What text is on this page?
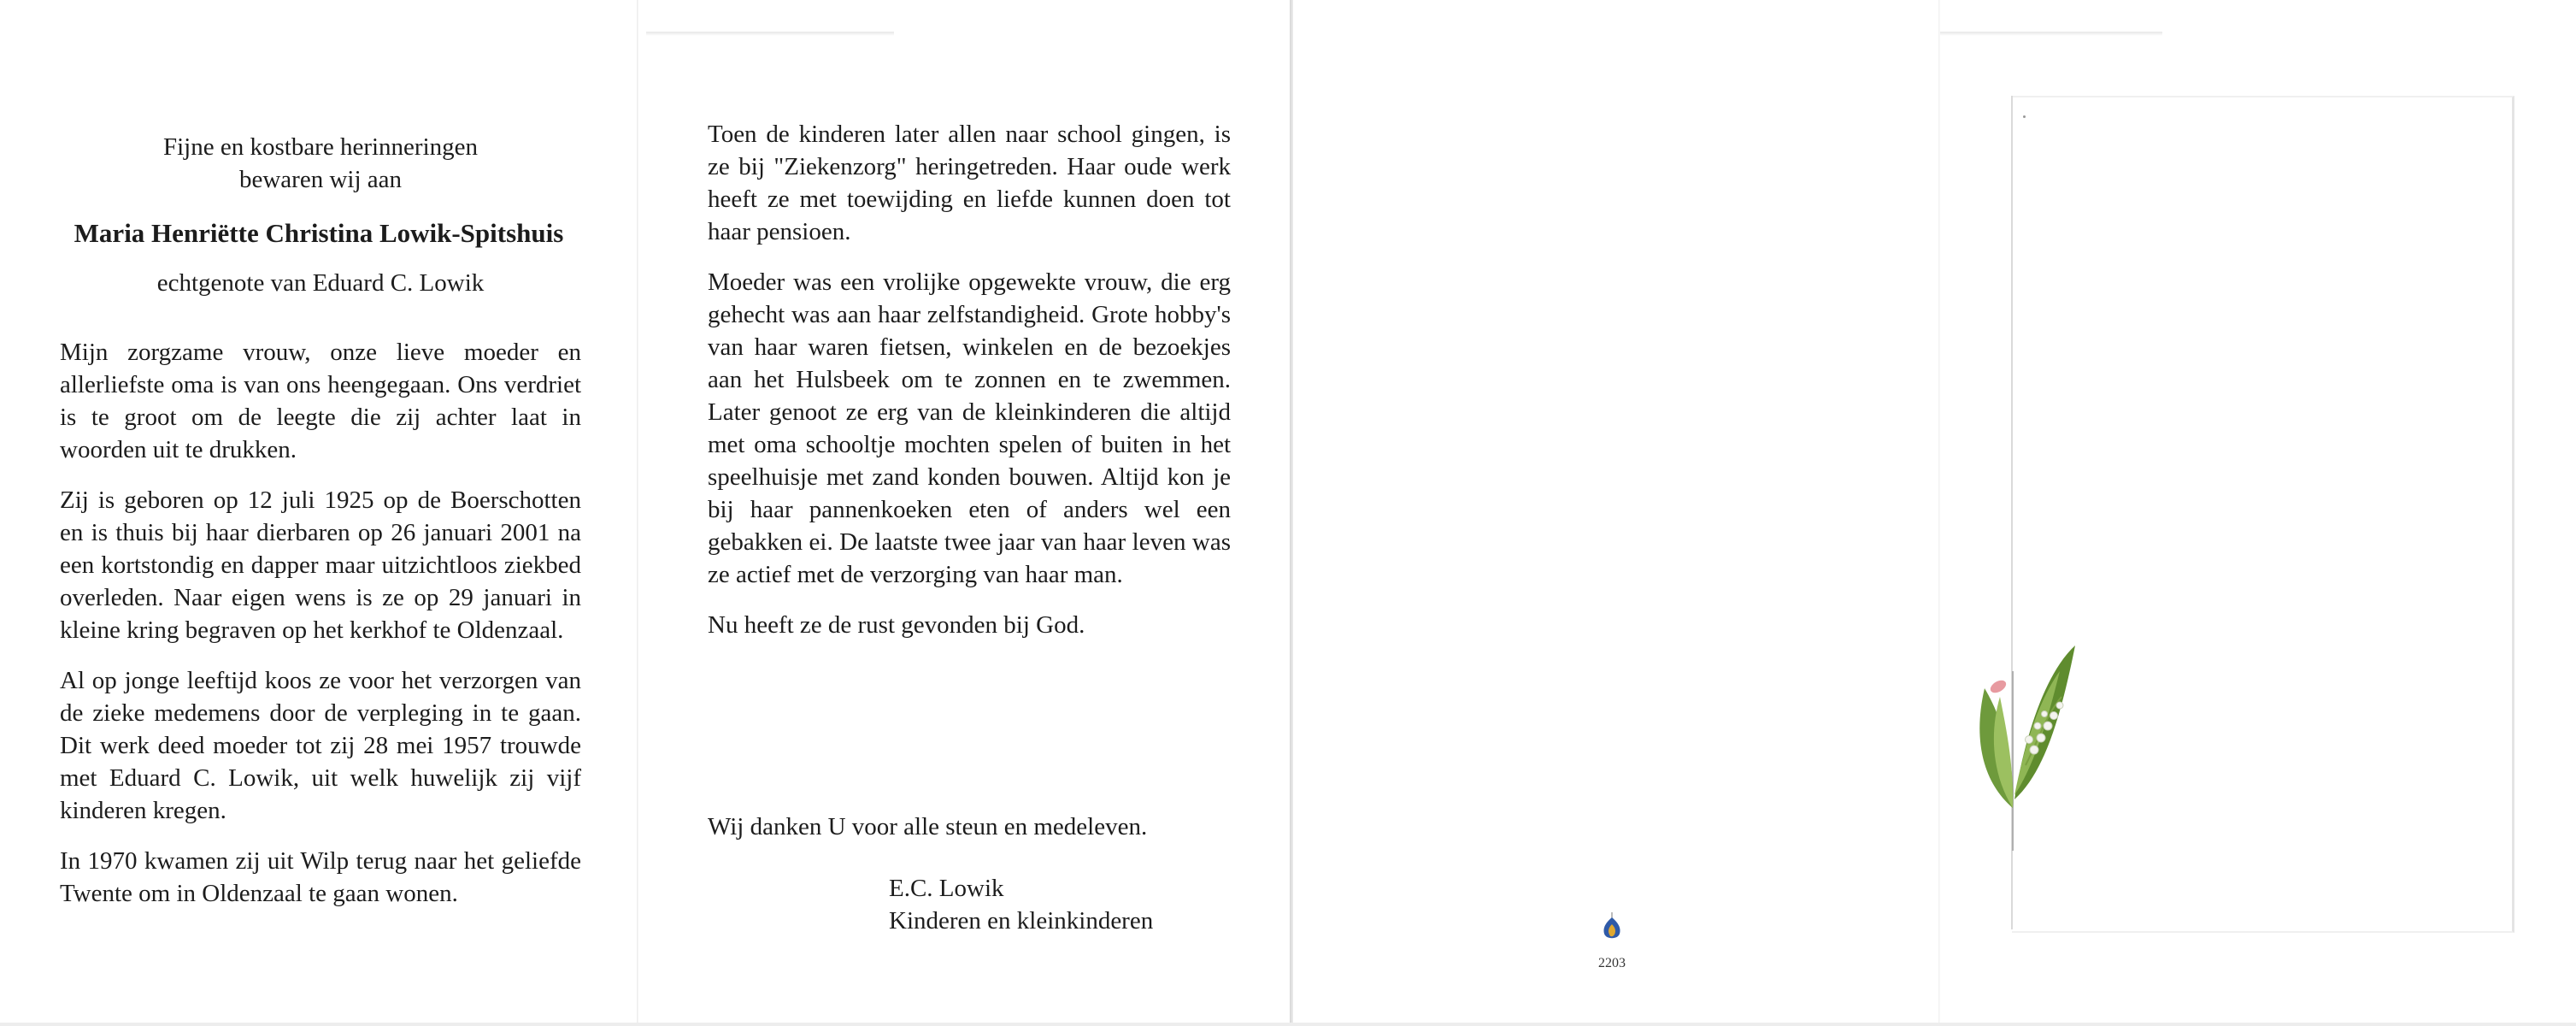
Fijne en kostbare herinneringen
bewaren wij aan
Maria Henriëtte Christina Lowik-Spitshuis
echtgenote van Eduard C. Lowik

Mijn zorgzame vrouw, onze lieve moeder en allerliefste oma is van ons heengegaan. Ons verdriet is te groot om de leegte die zij achter laat in woorden uit te drukken.

Zij is geboren op 12 juli 1925 op de Boerschotten en is thuis bij haar dierbaren op 26 januari 2001 na een kortstondig en dapper maar uitzichtloos ziekbed overleden. Naar eigen wens is ze op 29 januari in kleine kring begraven op het kerkhof te Oldenzaal.

Al op jonge leeftijd koos ze voor het verzorgen van de zieke medemens door de verpleging in te gaan. Dit werk deed moeder tot zij 28 mei 1957 trouwde met Eduard C. Lowik, uit welk huwelijk zij vijf kinderen kregen.

In 1970 kwamen zij uit Wilp terug naar het geliefde Twente om in Oldenzaal te gaan wonen.

Toen de kinderen later allen naar school gingen, is ze bij "Ziekenzorg" heringetreden. Haar oude werk heeft ze met toewijding en liefde kunnen doen tot haar pensioen.

Moeder was een vrolijke opgewekte vrouw, die erg gehecht was aan haar zelfstandigheid. Grote hobby's van haar waren fietsen, winkelen en de bezoekjes aan het Hulsbeek om te zonnen en te zwemmen. Later genoot ze erg van de kleinkinderen die altijd met oma schooltje mochten spelen of buiten in het speelhuisje met zand konden bouwen. Altijd kon je bij haar pannenkoeken eten of anders wel een gebakken ei. De laatste twee jaar van haar leven was ze actief met de verzorging van haar man.

Nu heeft ze de rust gevonden bij God.

Wij danken U voor alle steun en medeleven.
E.C. Lowik
Kinderen en kleinkinderen
2203
